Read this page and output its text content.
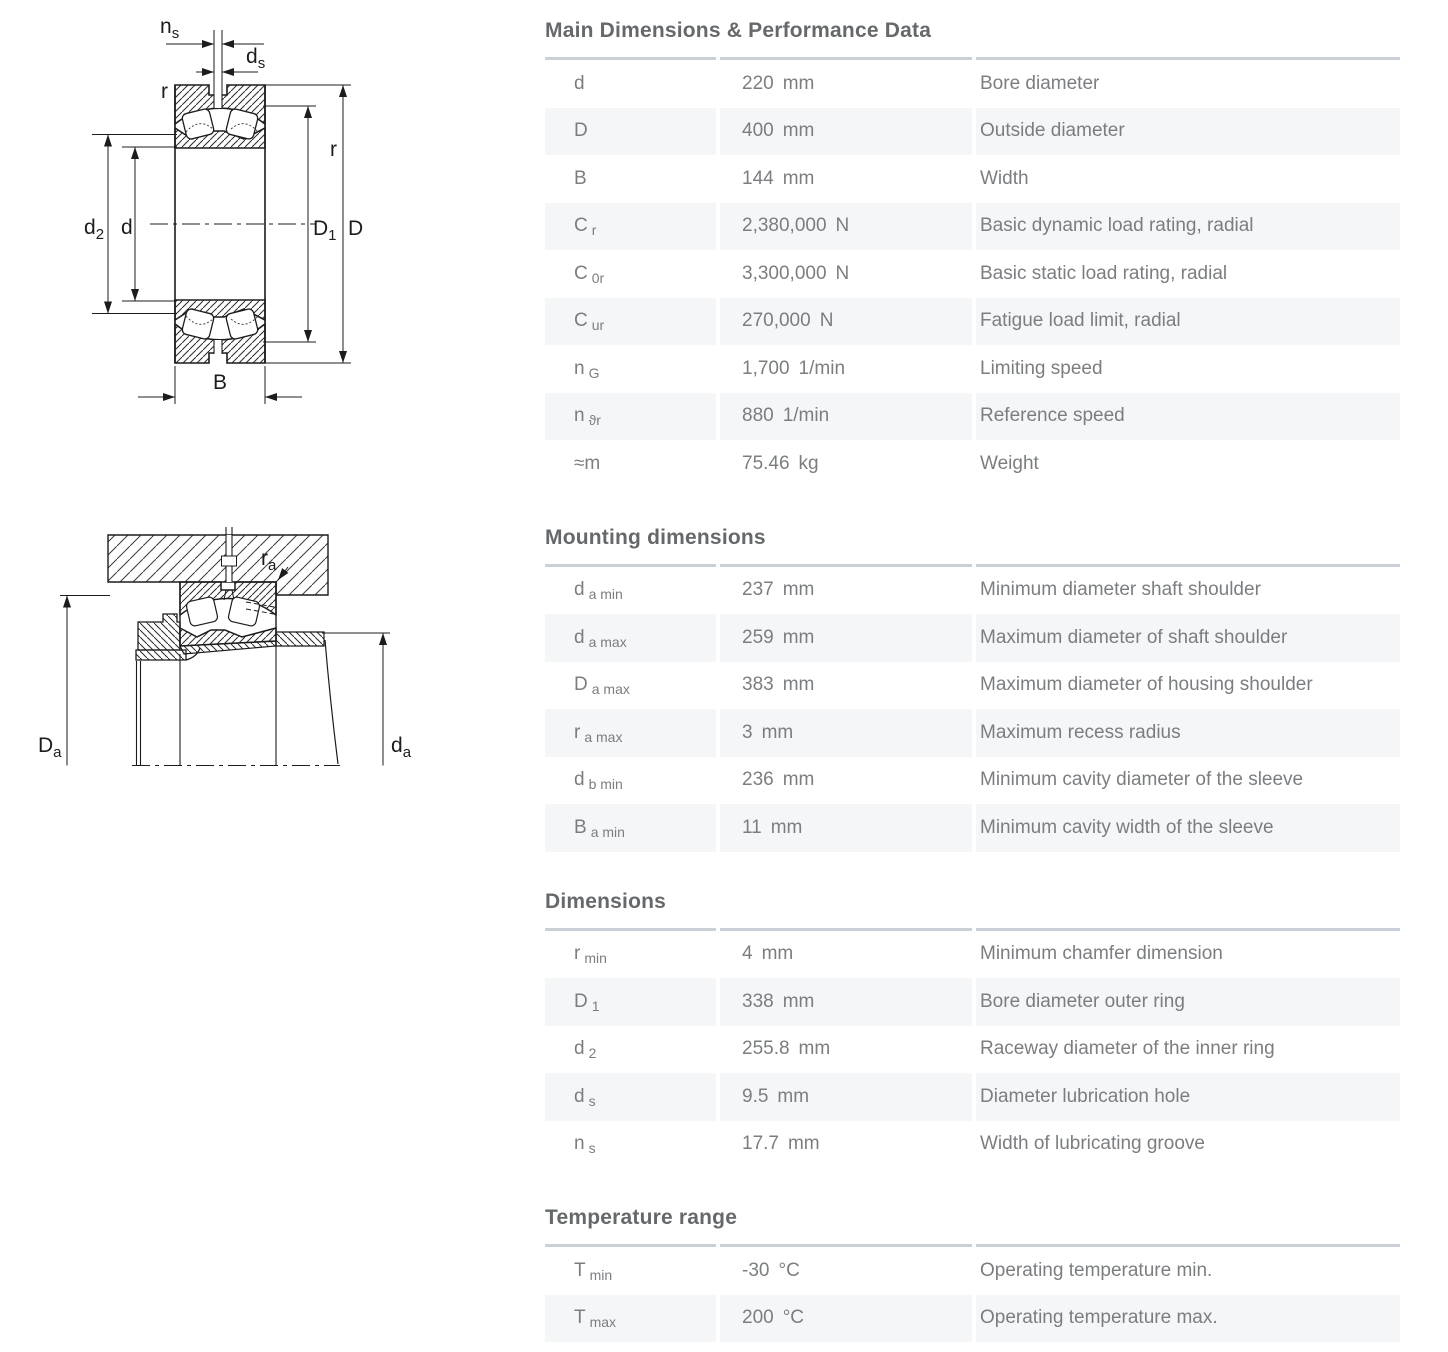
$n_s$
$d_s$
r
r
$d_2$ d	$D_1$ D
B
$r_a$
$D_a$	$d_a$
Main Dimensions & Performance Data
d	220 mm	Bore diameter
D	400 mm	Outside diameter
B	144 mm	Width
C r	2,380,000 N	Basic dynamic load rating, radial
C 0r	3,300,000 N	Basic static load rating, radial
C ur	270,000 N	Fatigue load limit, radial
n G	1,700 1/min	Limiting speed
n ϑr	880 1/min	Reference speed
≈m	75.46 kg	Weight
Mounting dimensions
d a min	237 mm	Minimum diameter shaft shoulder
d a max	259 mm	Maximum diameter of shaft shoulder
D a max	383 mm	Maximum diameter of housing shoulder
r a max	3 mm	Maximum recess radius
d b min	236 mm	Minimum cavity diameter of the sleeve
B a min	11 mm	Minimum cavity width of the sleeve
Dimensions
r min	4 mm	Minimum chamfer dimension
D 1	338 mm	Bore diameter outer ring
d 2	255.8 mm	Raceway diameter of the inner ring
d s	9.5 mm	Diameter lubrication hole
n s	17.7 mm	Width of lubricating groove
Temperature range
T min	-30 °C	Operating temperature min.
T max	200 °C	Operating temperature max.
